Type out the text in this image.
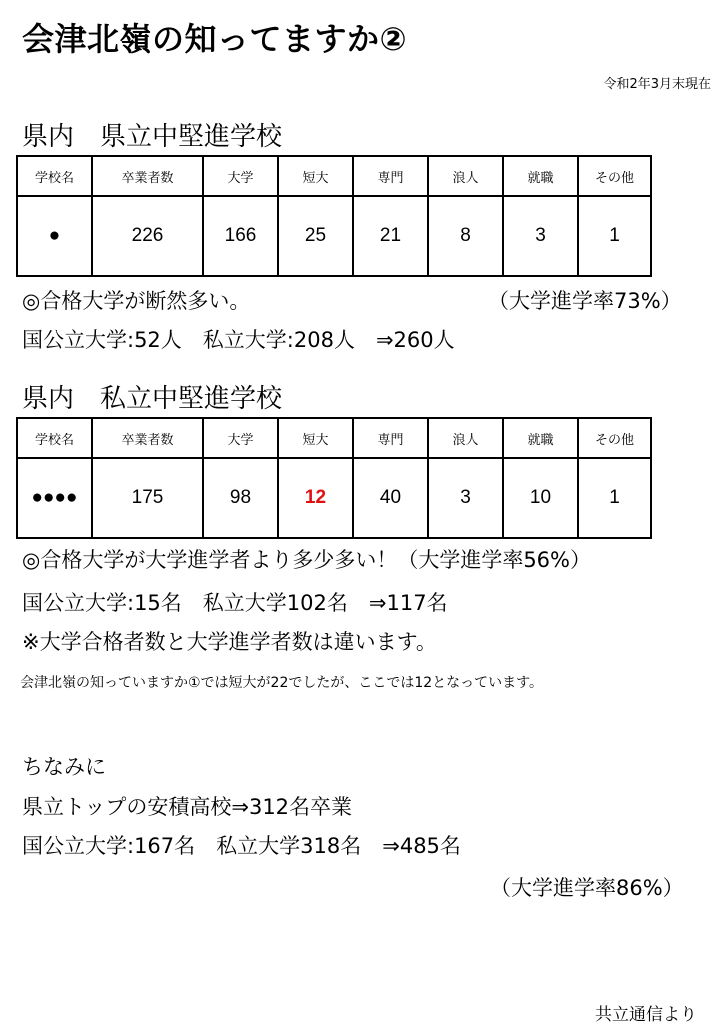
会津北嶺の知ってますか②
令和2年3月末現在
県内　県立中堅進学校
学校名	卒業者数	大学	短大	専門	浪人	就職	その他
●	226	166	25	21	8	3	1
◎合格大学が断然多い。	（大学進学率73%）
国公立大学:52人　私立大学:208人　⇒260人
県内　私立中堅進学校
学校名	卒業者数	大学	短大	専門	浪人	就職	その他
●●●●	175	98	12	40	3	10	1
◎合格大学が大学進学者より多少多い！（大学進学率56%）
国公立大学:15名　私立大学102名　⇒117名
※大学合格者数と大学進学者数は違います。
会津北嶺の知っていますか①では短大が22でしたが、ここでは12となっています。
ちなみに
県立トップの安積高校⇒312名卒業
国公立大学:167名　私立大学318名　⇒485名
（大学進学率86%）
共立通信より
